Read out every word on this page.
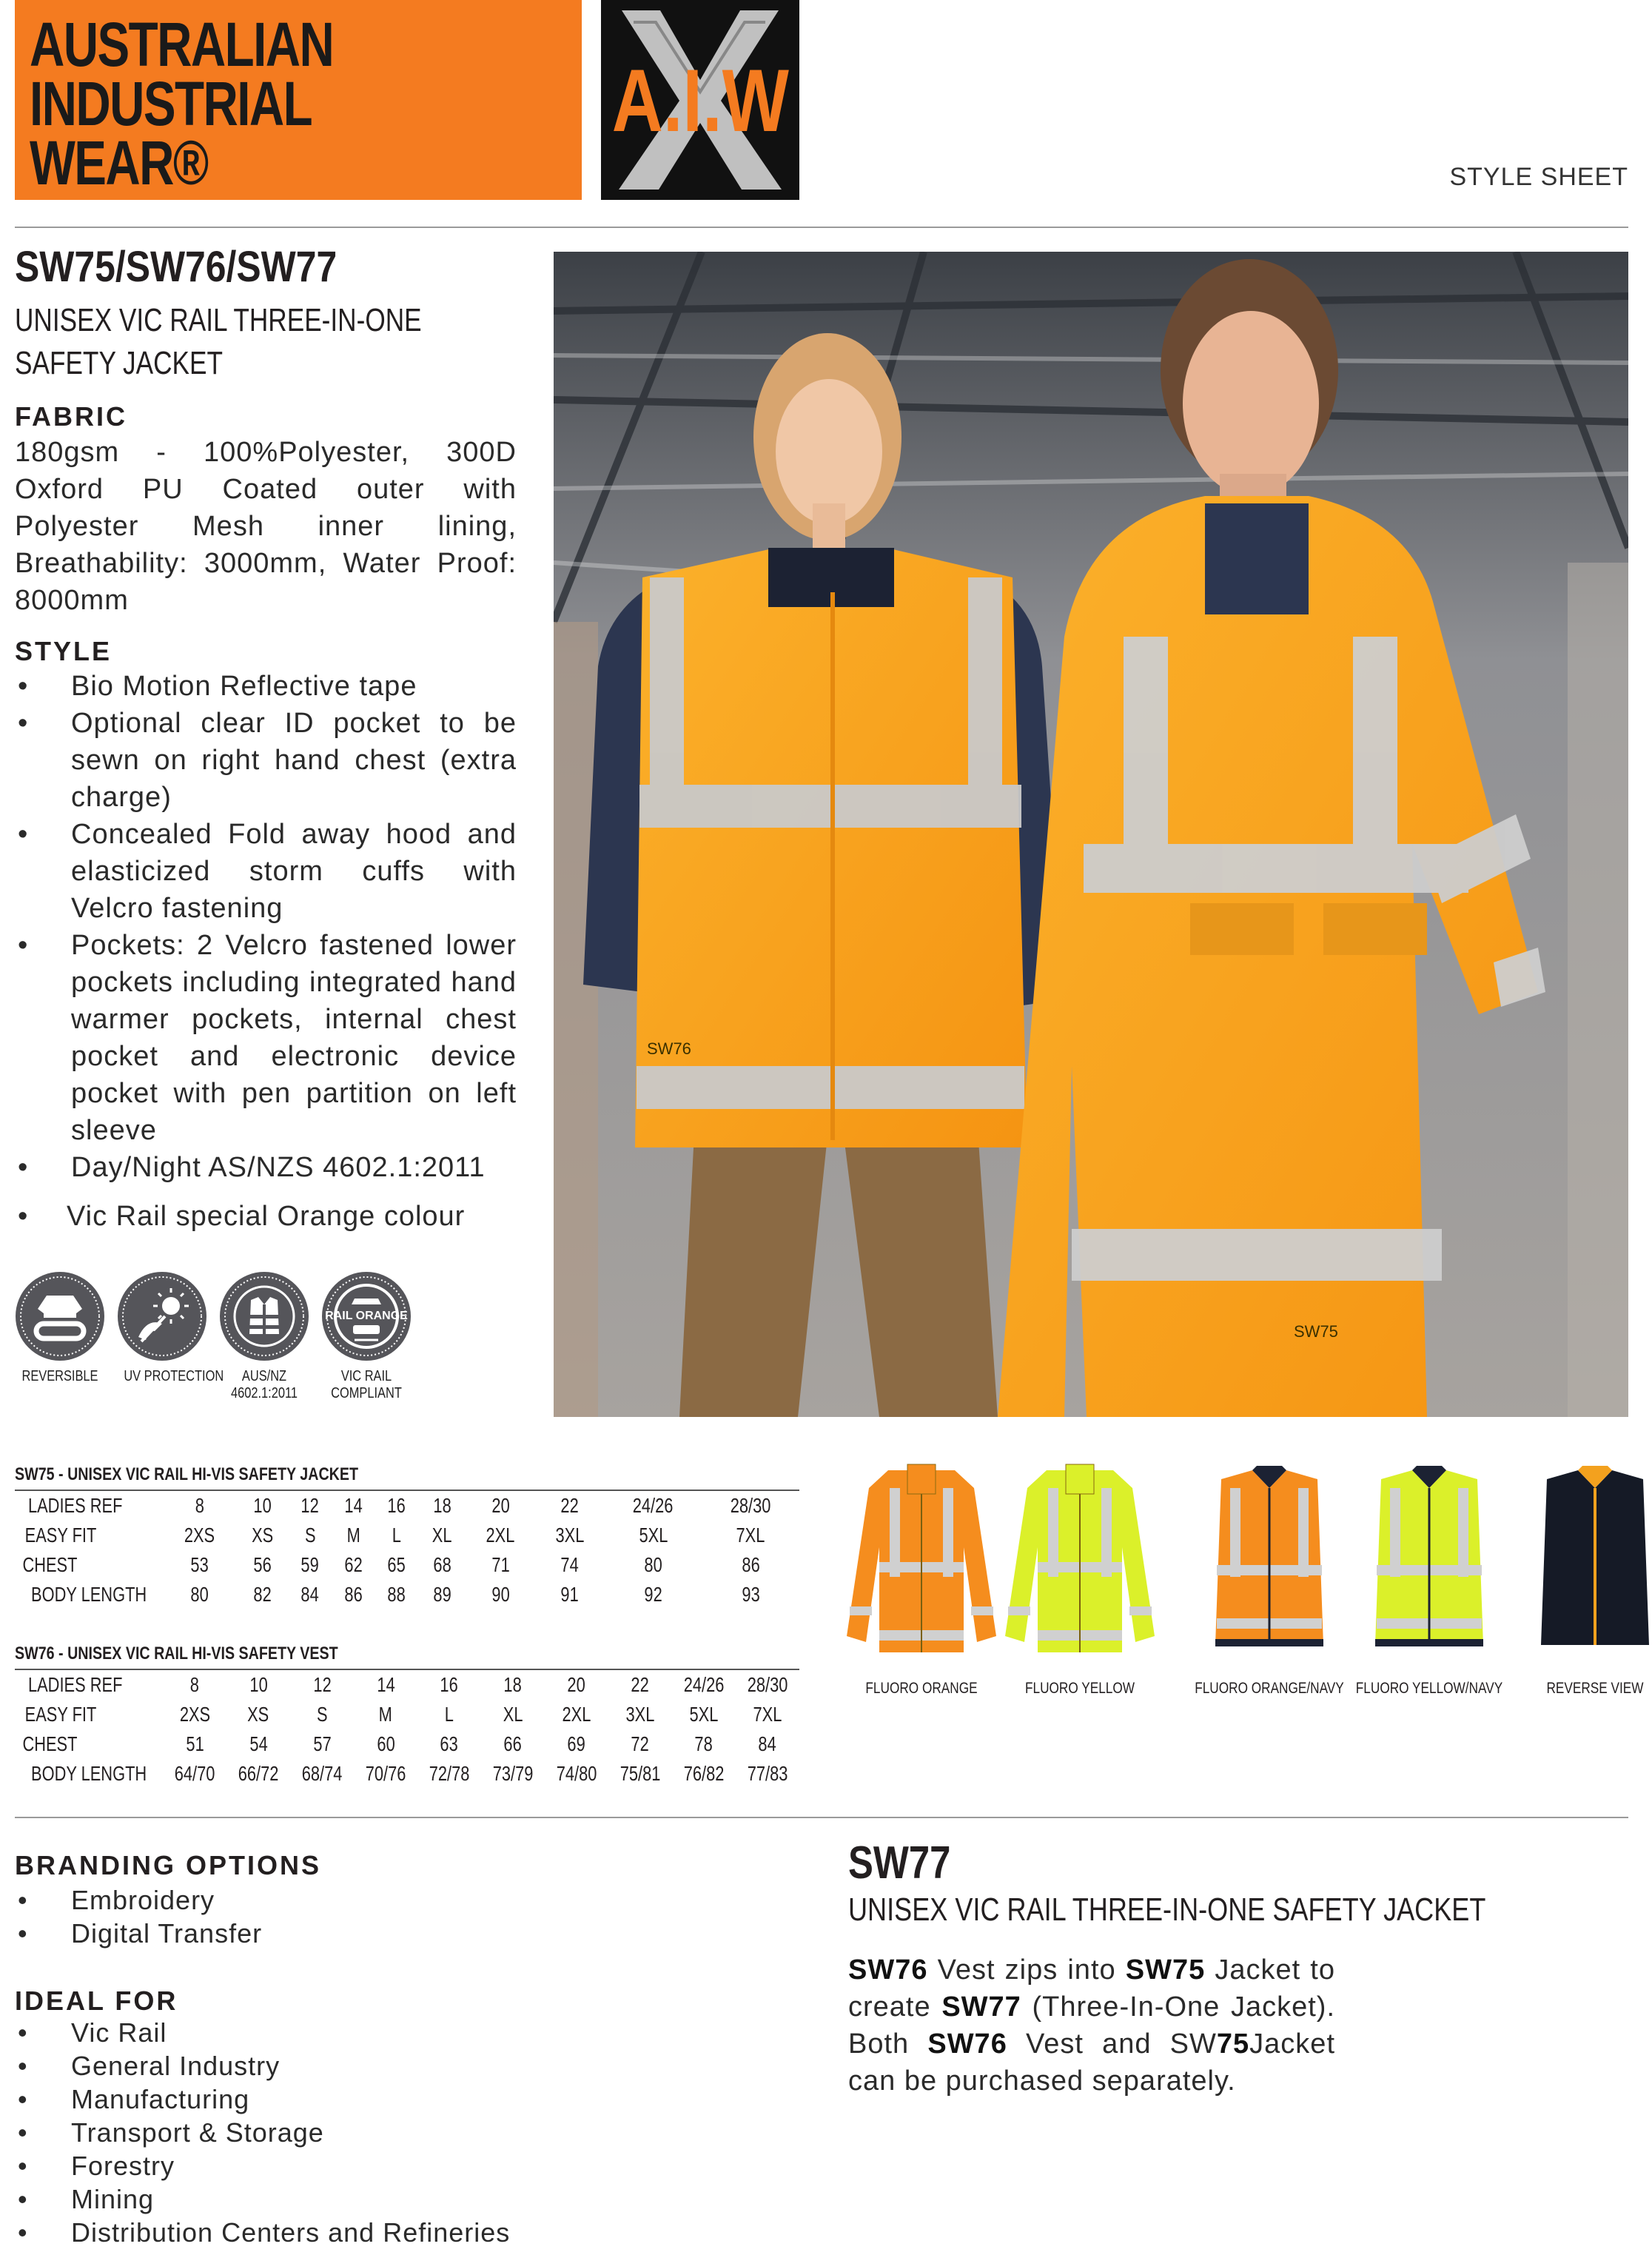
AUSTRALIAN
INDUSTRIAL
WEAR®
A.I.W
STYLE SHEET
SW75/SW76/SW77
UNISEX VIC RAIL THREE-IN-ONE SAFETY JACKET
FABRIC
180gsm - 100%Polyester, 300D Oxford PU Coated outer with Polyester Mesh inner lining, Breathability: 3000mm, Water Proof: 8000mm
STYLE
• Bio Motion Reflective tape
• Optional clear ID pocket to be sewn on right hand chest (extra charge)
• Concealed Fold away hood and elasticized storm cuffs with Velcro fastening
• Pockets: 2 Velcro fastened lower pockets including integrated hand warmer pockets, internal chest pocket and electronic device pocket with pen partition on left sleeve
• Day/Night AS/NZS 4602.1:2011
• Vic Rail special Orange colour
REVERSIBLE UV PROTECTION	AUS/NZ
4602.1:2011
RAIL ORANGE
VIC RAIL
COMPLIANT
SW76
SW75
SW75 - UNISEX VIC RAIL HI-VIS SAFETY JACKET
LADIES REF	8	10	12	14	16	18	20	22	24/26	28/30
EASY FIT	2XS	XS	S	M	L	XL	2XL	3XL	5XL	7XL
CHEST	53	56	59	62	65	68	71	74	80	86
BODY LENGTH	80	82	84	86	88	89	90	91	92	93
SW76 - UNISEX VIC RAIL HI-VIS SAFETY VEST
LADIES REF	8	10	12	14	16	18	20	22	24/26	28/30
EASY FIT	2XS	XS	S	M	L	XL	2XL	3XL	5XL	7XL
CHEST	51	54	57	60	63	66	69	72	78	84
BODY LENGTH	64/70	66/72	68/74	70/76	72/78	73/79	74/80	75/81	76/82	77/83
FLUORO ORANGE	FLUORO YELLOW	FLUORO ORANGE/NAVY FLUORO YELLOW/NAVY	REVERSE VIEW
BRANDING OPTIONS
• Embroidery
• Digital Transfer
IDEAL FOR
• Vic Rail
• General Industry
• Manufacturing
• Transport & Storage
• Forestry
• Mining
• Distribution Centers and Refineries
SW77
UNISEX VIC RAIL THREE-IN-ONE SAFETY JACKET
SW76 Vest zips into SW75 Jacket to create SW77 (Three-In-One Jacket). Both SW76 Vest and SW75Jacket can be purchased separately.
